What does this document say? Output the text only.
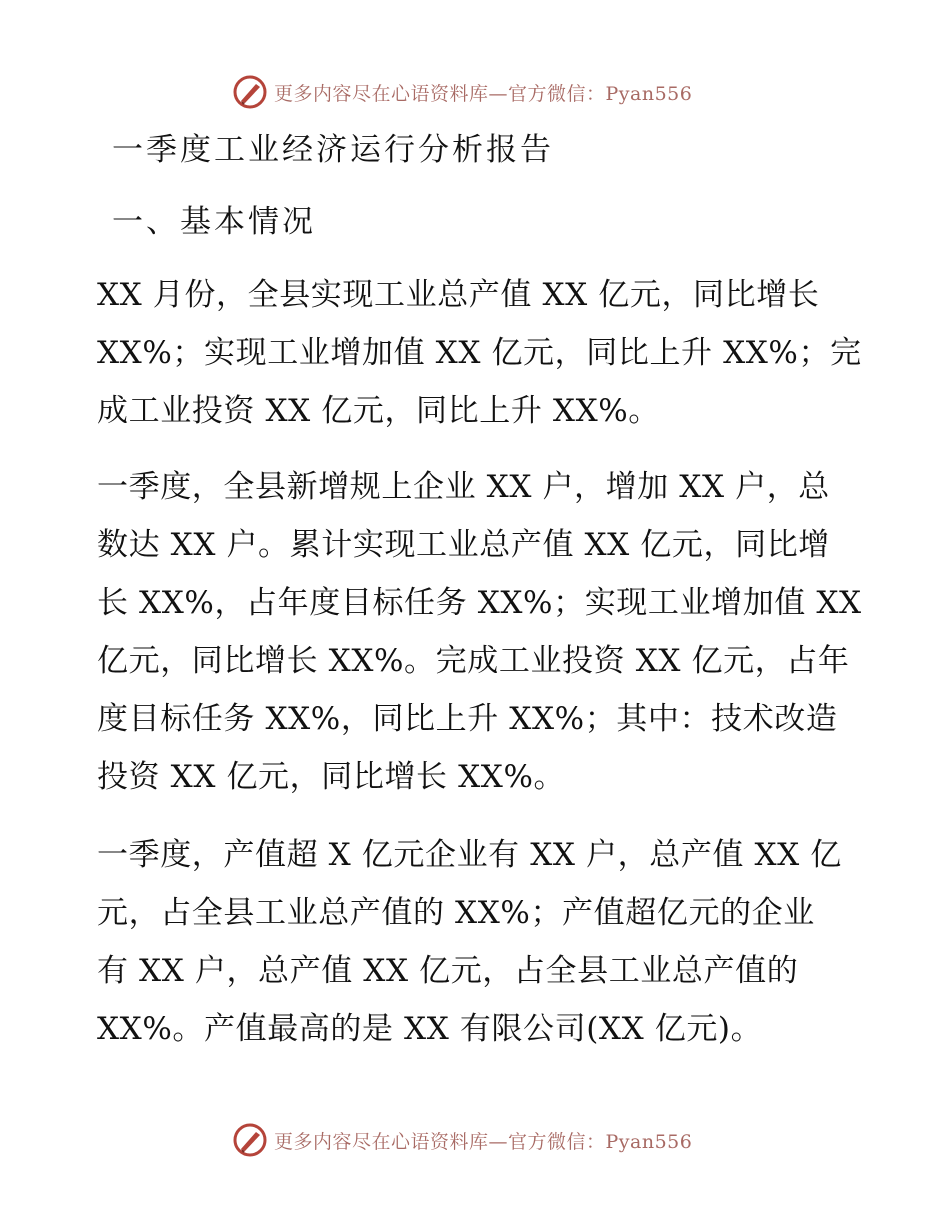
更多内容尽在心语资料库—官方微信：Pyan556
一季度工业经济运行分析报告
一、基本情况
XX 月份，全县实现工业总产值 XX 亿元，同比增长
XX%；实现工业增加值 XX 亿元，同比上升 XX%；完
成工业投资 XX 亿元，同比上升 XX%。
一季度，全县新增规上企业 XX 户，增加 XX 户，总
数达 XX 户。累计实现工业总产值 XX 亿元，同比增
长 XX%，占年度目标任务 XX%；实现工业增加值 XX
亿元，同比增长 XX%。完成工业投资 XX 亿元，占年
度目标任务 XX%，同比上升 XX%；其中：技术改造
投资 XX 亿元，同比增长 XX%。
一季度，产值超 X 亿元企业有 XX 户，总产值 XX 亿
元，占全县工业总产值的 XX%；产值超亿元的企业
有 XX 户，总产值 XX 亿元，占全县工业总产值的
XX%。产值最高的是 XX 有限公司(XX 亿元)。
更多内容尽在心语资料库—官方微信：Pyan556
